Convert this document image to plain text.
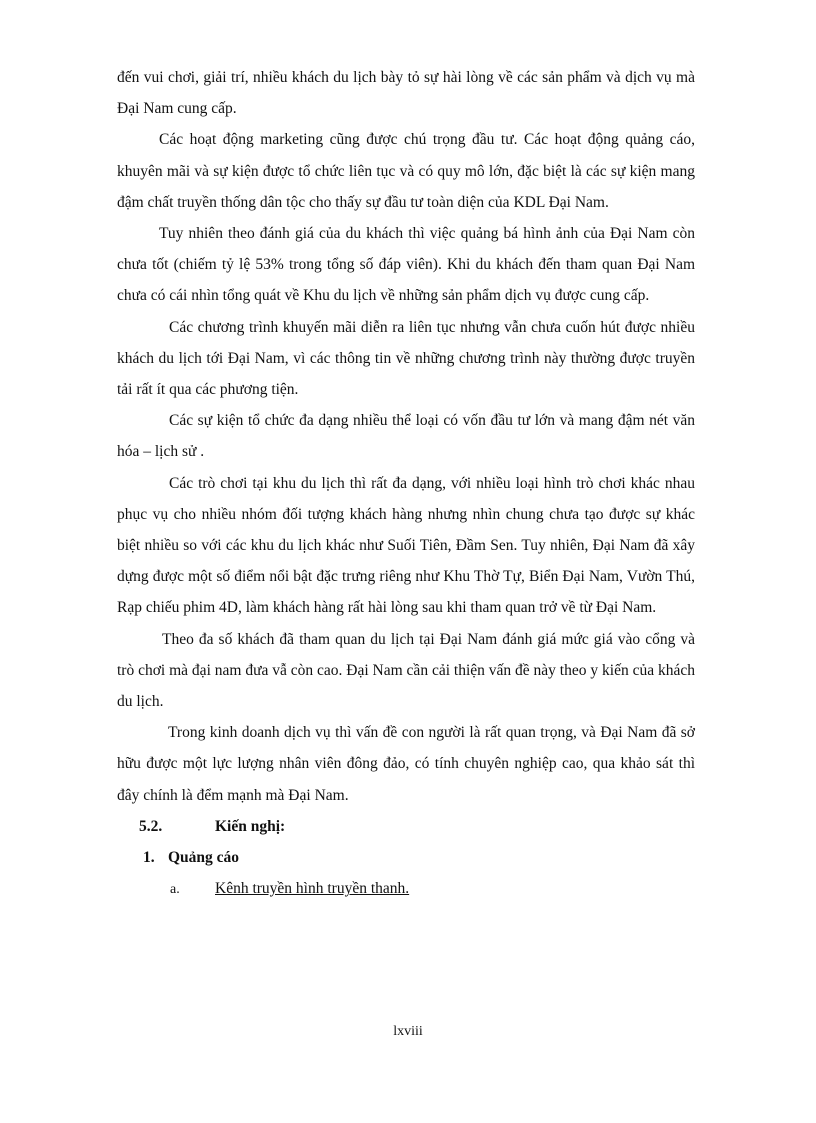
đến vui chơi, giải trí, nhiều khách du lịch bày tỏ sự hài lòng về các sản phẩm và dịch vụ mà Đại Nam cung cấp.

Các hoạt động marketing cũng được chú trọng đầu tư. Các hoạt động quảng cáo, khuyên mãi và sự kiện được tổ chức liên tục và có quy mô lớn, đặc biệt là các sự kiện mang đậm chất truyền thống dân tộc cho thấy sự đầu tư toàn diện của KDL Đại Nam.

Tuy nhiên theo đánh giá của du khách thì việc quảng bá hình ảnh của Đại Nam còn chưa tốt (chiếm tỷ lệ 53% trong tổng số đáp viên). Khi du khách đến tham quan Đại Nam chưa có cái nhìn tổng quát về Khu du lịch về những sản phẩm dịch vụ được cung cấp.

Các chương trình khuyến mãi diễn ra liên tục nhưng vẫn chưa cuốn hút được nhiều khách du lịch tới Đại Nam, vì các thông tin về những chương trình này thường được truyền tải rất ít qua các phương tiện.

Các sự kiện tổ chức đa dạng nhiều thể loại có vốn đầu tư lớn và mang đậm nét văn hóa – lịch sử .

Các trò chơi tại khu du lịch thì rất đa dạng, với nhiều loại hình trò chơi khác nhau phục vụ cho nhiều nhóm đối tượng khách hàng nhưng nhìn chung chưa tạo được sự khác biệt nhiều so với các khu du lịch khác như Suối Tiên, Đầm Sen. Tuy nhiên, Đại Nam đã xây dựng được một số điểm nổi bật đặc trưng riêng như Khu Thờ Tự, Biển Đại Nam, Vườn Thú, Rạp chiếu phim 4D, làm khách hàng rất hài lòng sau khi tham quan trở về từ Đại Nam.

Theo đa số khách đã tham quan du lịch tại Đại Nam đánh giá mức giá vào cổng và trò chơi mà đại nam đưa vẫ còn cao. Đại Nam cần cải thiện vấn đề này theo y kiến của khách du lịch.

Trong kinh doanh dịch vụ thì vấn đề con người là rất quan trọng, và Đại Nam đã sở hữu được một lực lượng nhân viên đông đảo, có tính chuyên nghiệp cao, qua khảo sát thì đây chính là đểm mạnh mà Đại Nam.

5.2.	Kiến nghị:

1. Quảng cáo

a. Kênh truyền hình truyền thanh.

lxviii
